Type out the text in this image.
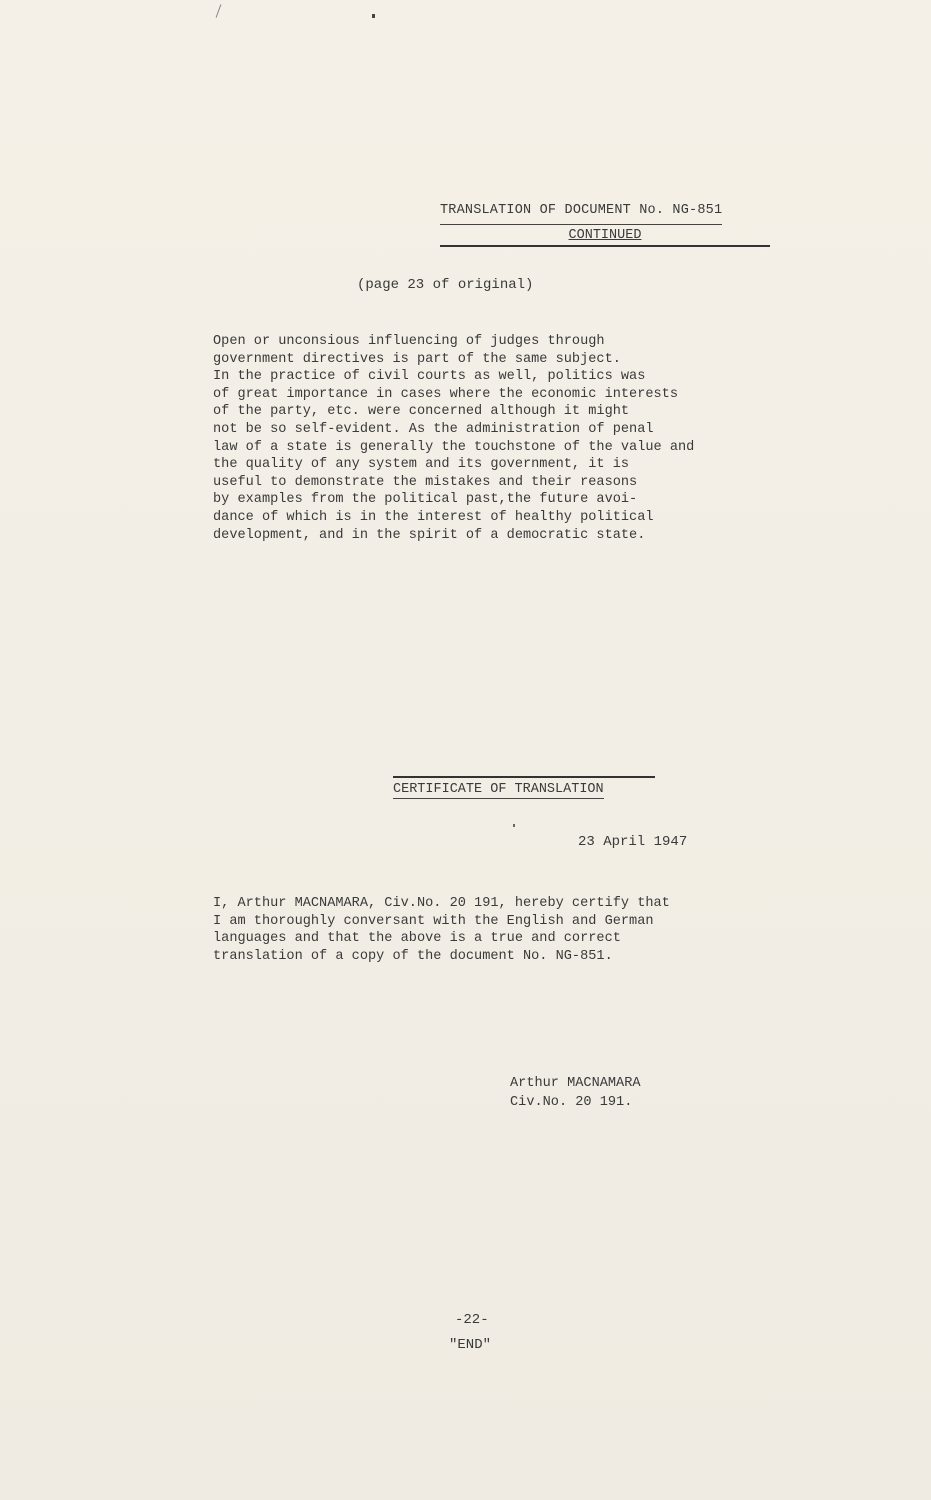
TRANSLATION OF DOCUMENT No. NG-851
CONTINUED
(page 23 of original)
Open or unconsious influencing of judges through
government directives is part of the same subject.
In the practice of civil courts as well, politics was
of great importance in cases where the economic interests
of the party, etc. were concerned although it might
not be so self-evident. As the administration of penal
law of a state is generally the touchstone of the value and
the quality of any system and its government, it is
useful to demonstrate the mistakes and their reasons
by examples from the political past,the future avoi-
dance of which is in the interest of healthy political
development, and in the spirit of a democratic state.
CERTIFICATE OF TRANSLATION
23 April 1947
I, Arthur MACNAMARA, Civ.No. 20 191, hereby certify that
I am thoroughly conversant with the English and German
languages and that the above is a true and correct
translation of a copy of the document No. NG-851.
Arthur MACNAMARA
Civ.No. 20 191.
-22-
"END"
